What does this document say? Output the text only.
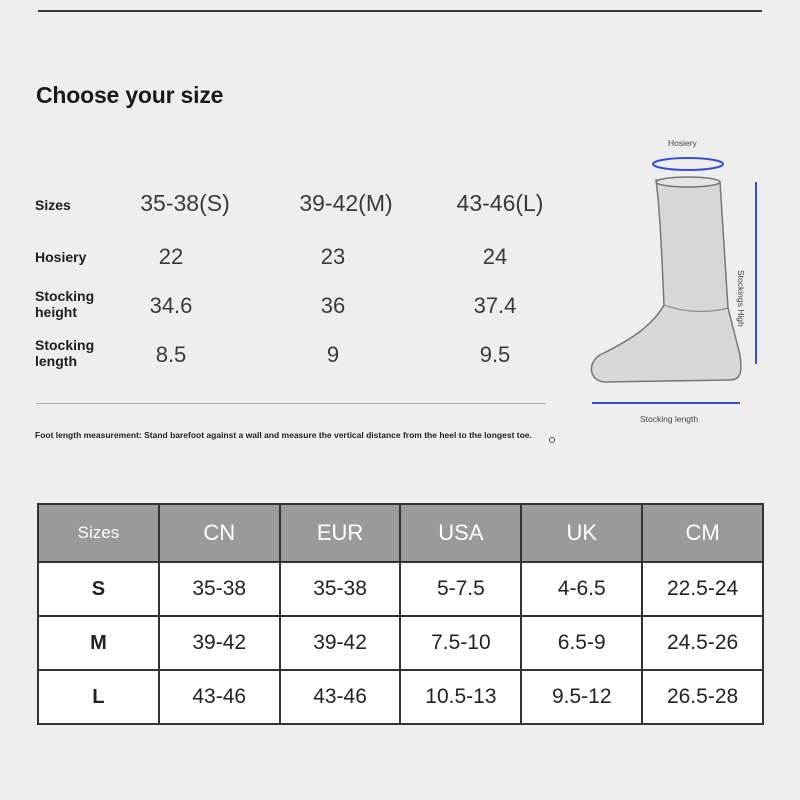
Choose your size
Sizes	35-38(S)	39-42(M)	43-46(L)
Hosiery	22	23	24
Stocking
height	34.6	36	37.4
Stocking
length	8.5	9	9.5
Foot length measurement: Stand barefoot against a wall and measure the vertical distance from the heel to the longest toe.
Hosiery
Stockings High
Stocking length
Sizes	CN	EUR	USA	UK	CM
S	35-38	35-38	5-7.5	4-6.5	22.5-24
M	39-42	39-42	7.5-10	6.5-9	24.5-26
L	43-46	43-46	10.5-13	9.5-12	26.5-28
